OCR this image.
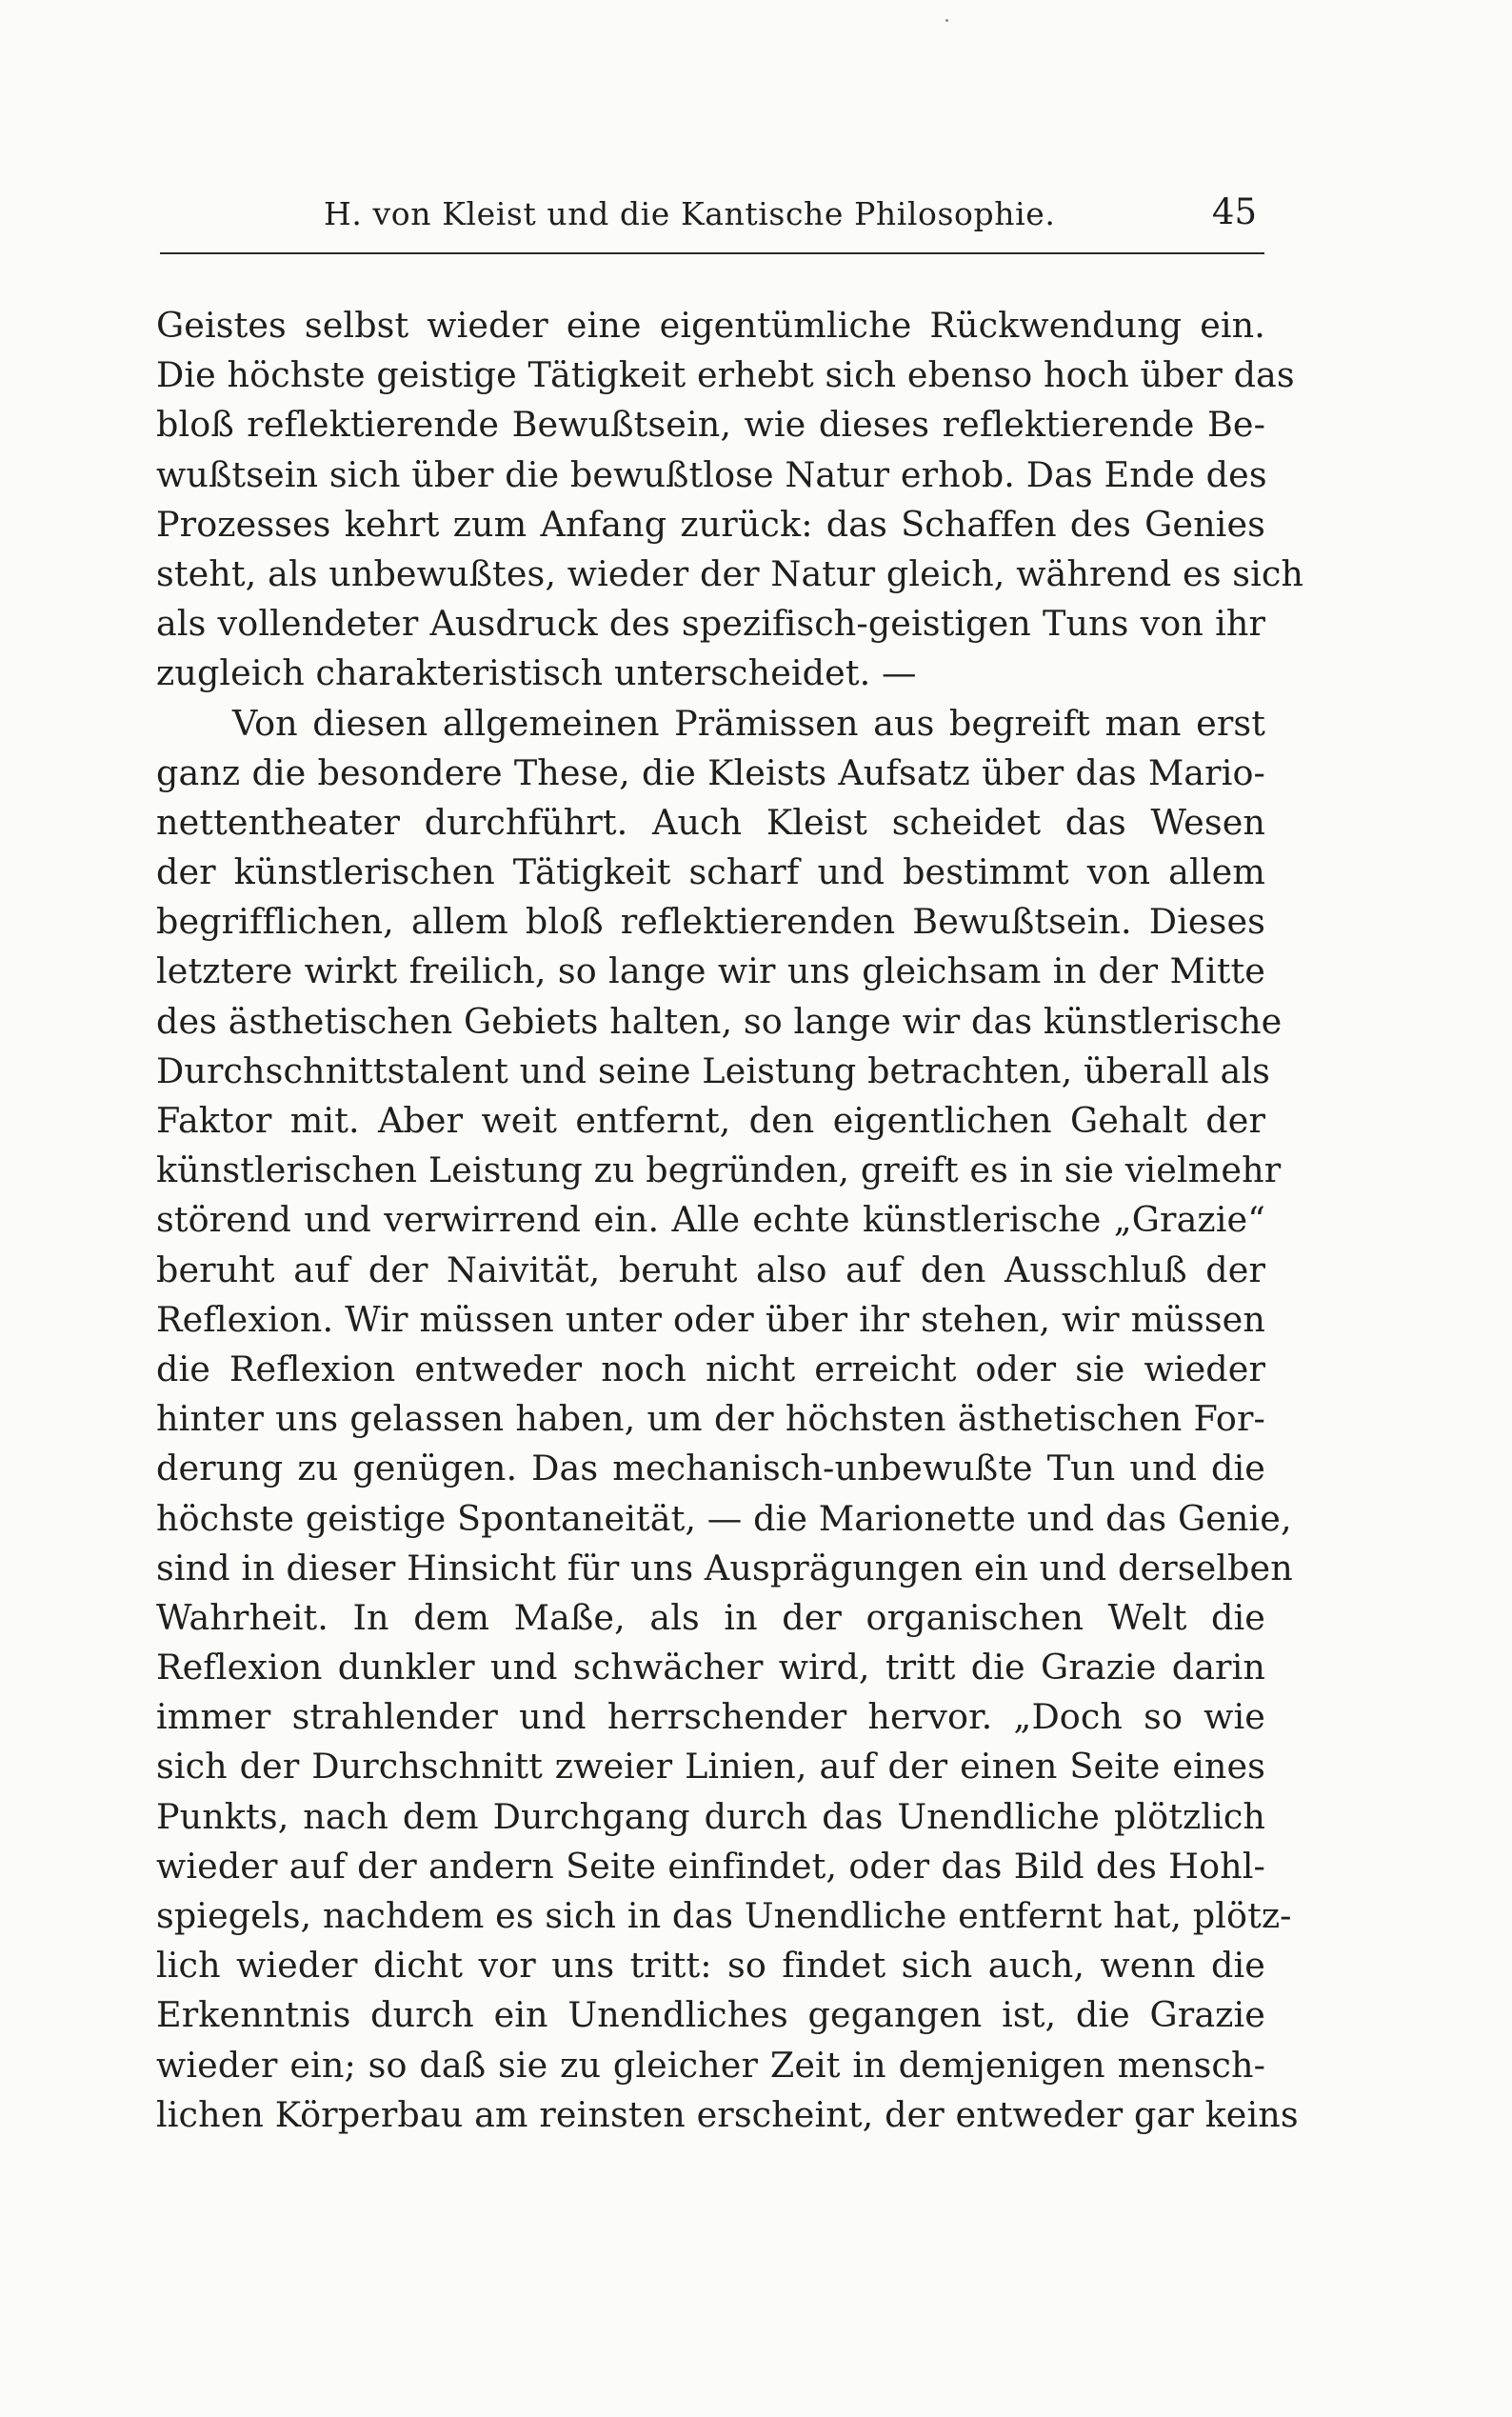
H. von Kleist und die Kantische Philosophie.	45
Geistes selbst wieder eine eigentümliche Rückwendung ein.
Die höchste geistige Tätigkeit erhebt sich ebenso hoch über das
bloß reflektierende Bewußtsein, wie dieses reflektierende Be-
wußtsein sich über die bewußtlose Natur erhob. Das Ende des
Prozesses kehrt zum Anfang zurück: das Schaffen des Genies
steht, als unbewußtes, wieder der Natur gleich, während es sich
als vollendeter Ausdruck des spezifisch-geistigen Tuns von ihr
zugleich charakteristisch unterscheidet. —
Von diesen allgemeinen Prämissen aus begreift man erst
ganz die besondere These, die Kleists Aufsatz über das Mario-
nettentheater durchführt. Auch Kleist scheidet das Wesen
der künstlerischen Tätigkeit scharf und bestimmt von allem
begrifflichen, allem bloß reflektierenden Bewußtsein. Dieses
letztere wirkt freilich, so lange wir uns gleichsam in der Mitte
des ästhetischen Gebiets halten, so lange wir das künstlerische
Durchschnittstalent und seine Leistung betrachten, überall als
Faktor mit. Aber weit entfernt, den eigentlichen Gehalt der
künstlerischen Leistung zu begründen, greift es in sie vielmehr
störend und verwirrend ein. Alle echte künstlerische „Grazie“
beruht auf der Naivität, beruht also auf den Ausschluß der
Reflexion. Wir müssen unter oder über ihr stehen, wir müssen
die Reflexion entweder noch nicht erreicht oder sie wieder
hinter uns gelassen haben, um der höchsten ästhetischen For-
derung zu genügen. Das mechanisch-unbewußte Tun und die
höchste geistige Spontaneität, — die Marionette und das Genie,
sind in dieser Hinsicht für uns Ausprägungen ein und derselben
Wahrheit. In dem Maße, als in der organischen Welt die
Reflexion dunkler und schwächer wird, tritt die Grazie darin
immer strahlender und herrschender hervor. „Doch so wie
sich der Durchschnitt zweier Linien, auf der einen Seite eines
Punkts, nach dem Durchgang durch das Unendliche plötzlich
wieder auf der andern Seite einfindet, oder das Bild des Hohl-
spiegels, nachdem es sich in das Unendliche entfernt hat, plötz-
lich wieder dicht vor uns tritt: so findet sich auch, wenn die
Erkenntnis durch ein Unendliches gegangen ist, die Grazie
wieder ein; so daß sie zu gleicher Zeit in demjenigen mensch-
lichen Körperbau am reinsten erscheint, der entweder gar keins
